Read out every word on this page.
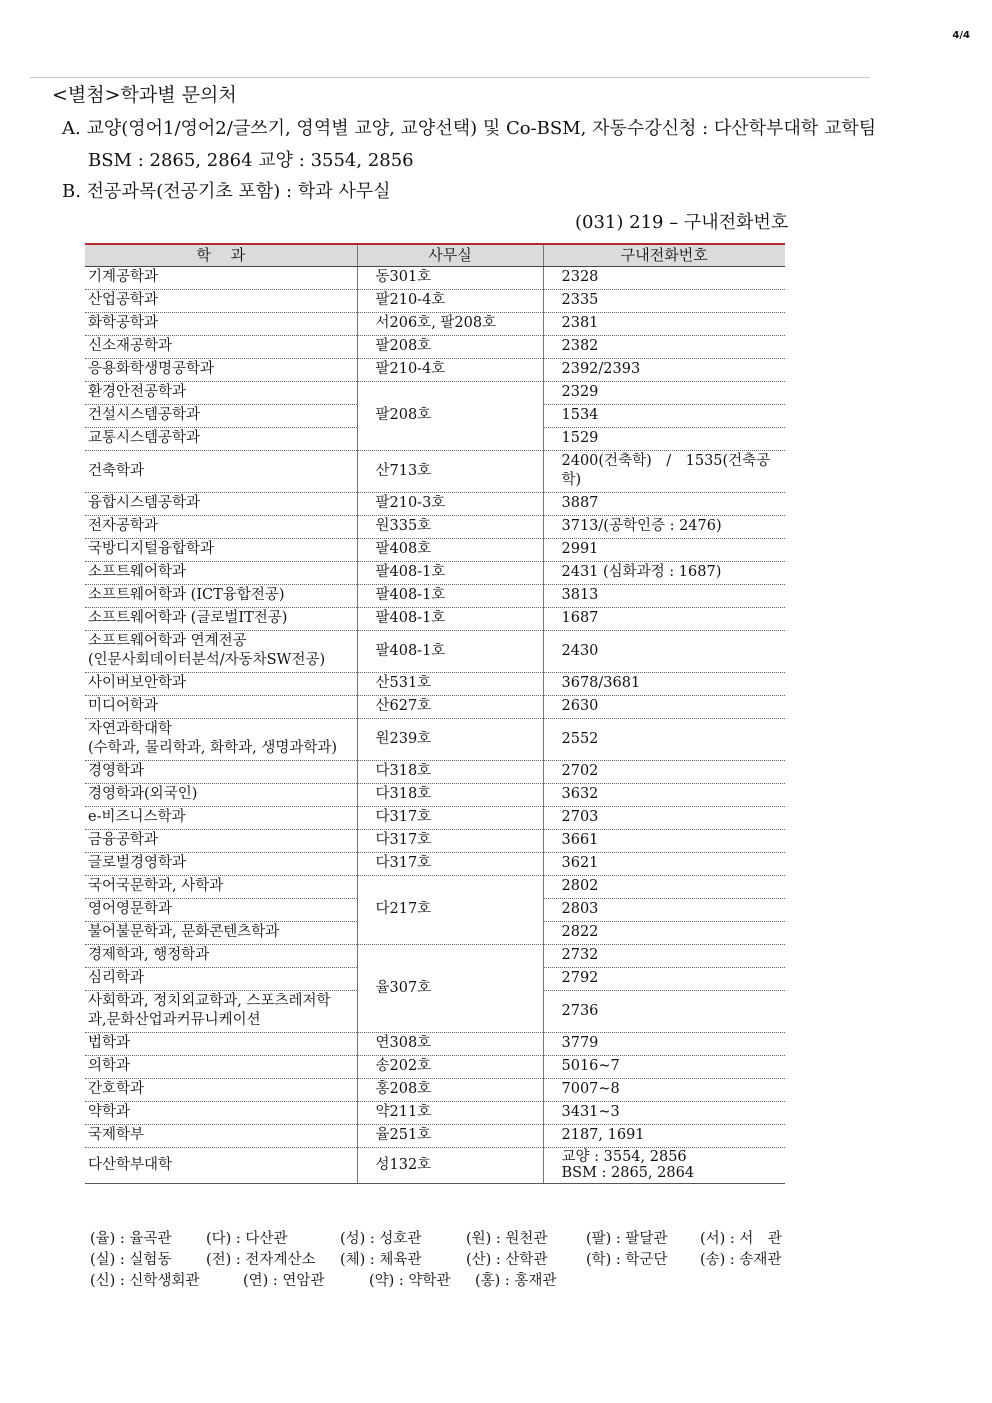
4/4
<별첨>학과별 문의처
A. 교양(영어1/영어2/글쓰기, 영역별 교양, 교양선택) 및 Co-BSM, 자동수강신청 : 다산학부대학 교학팀
BSM : 2865, 2864 교양 : 3554, 2856
B. 전공과목(전공기초 포함) : 학과 사무실
(031) 219 – 구내전화번호
학　 과	사무실	구내전화번호
기계공학과	동301호	2328
산업공학과	팔210-4호	2335
화학공학과	서206호, 팔208호	2381
신소재공학과	팔208호	2382
응용화학생명공학과	팔210-4호	2392/2393
환경안전공학과	팔208호	2329
건설시스템공학과		1534
교통시스템공학과		1529
건축학과	산713호	2400(건축학)　/　1535(건축공학)
융합시스템공학과	팔210-3호	3887
전자공학과	원335호	3713/(공학인증 : 2476)
국방디지털융합학과	팔408호	2991
소프트웨어학과	팔408-1호	2431 (심화과정 : 1687)
소프트웨어학과 (ICT융합전공)	팔408-1호	3813
소프트웨어학과 (글로벌IT전공)	팔408-1호	1687

소프트웨어학과 연계전공
(인문사회데이터분석/자동차SW전공)	팔408-1호	2430
사이버보안학과	산531호	3678/3681
미디어학과	산627호	2630

자연과학대학
(수학과, 물리학과, 화학과, 생명과학과)	원239호	2552
경영학과	다318호	2702
경영학과(외국인)	다318호	3632
e-비즈니스학과	다317호	2703
금융공학과	다317호	3661
글로벌경영학과	다317호	3621
국어국문학과, 사학과	다217호	2802
영어영문학과		2803
불어불문학과, 문화콘텐츠학과		2822
경제학과, 행정학과	율307호	2732
심리학과		2792

사회학과, 정치외교학과, 스포츠레저학
과,문화산업과커뮤니케이션		2736
법학과	연308호	3779
의학과	송202호	5016~7
간호학과	홍208호	7007~8
약학과	약211호	3431~3
국제학부	율251호	2187, 1691
다산학부대학	성132호	교양 : 3554, 2856
BSM : 2865, 2864
(율) : 율곡관 (다) : 다산관	(성) : 성호관	(원) : 원천관	(팔) : 팔달관 (서) : 서　관
(실) : 실험동 (전) : 전자계산소 (체) : 체육관	(산) : 산학관	(학) : 학군단 (송) : 송재관
(신) : 신학생회관	(연) : 연암관	(약) : 약학관 (홍) : 홍재관
